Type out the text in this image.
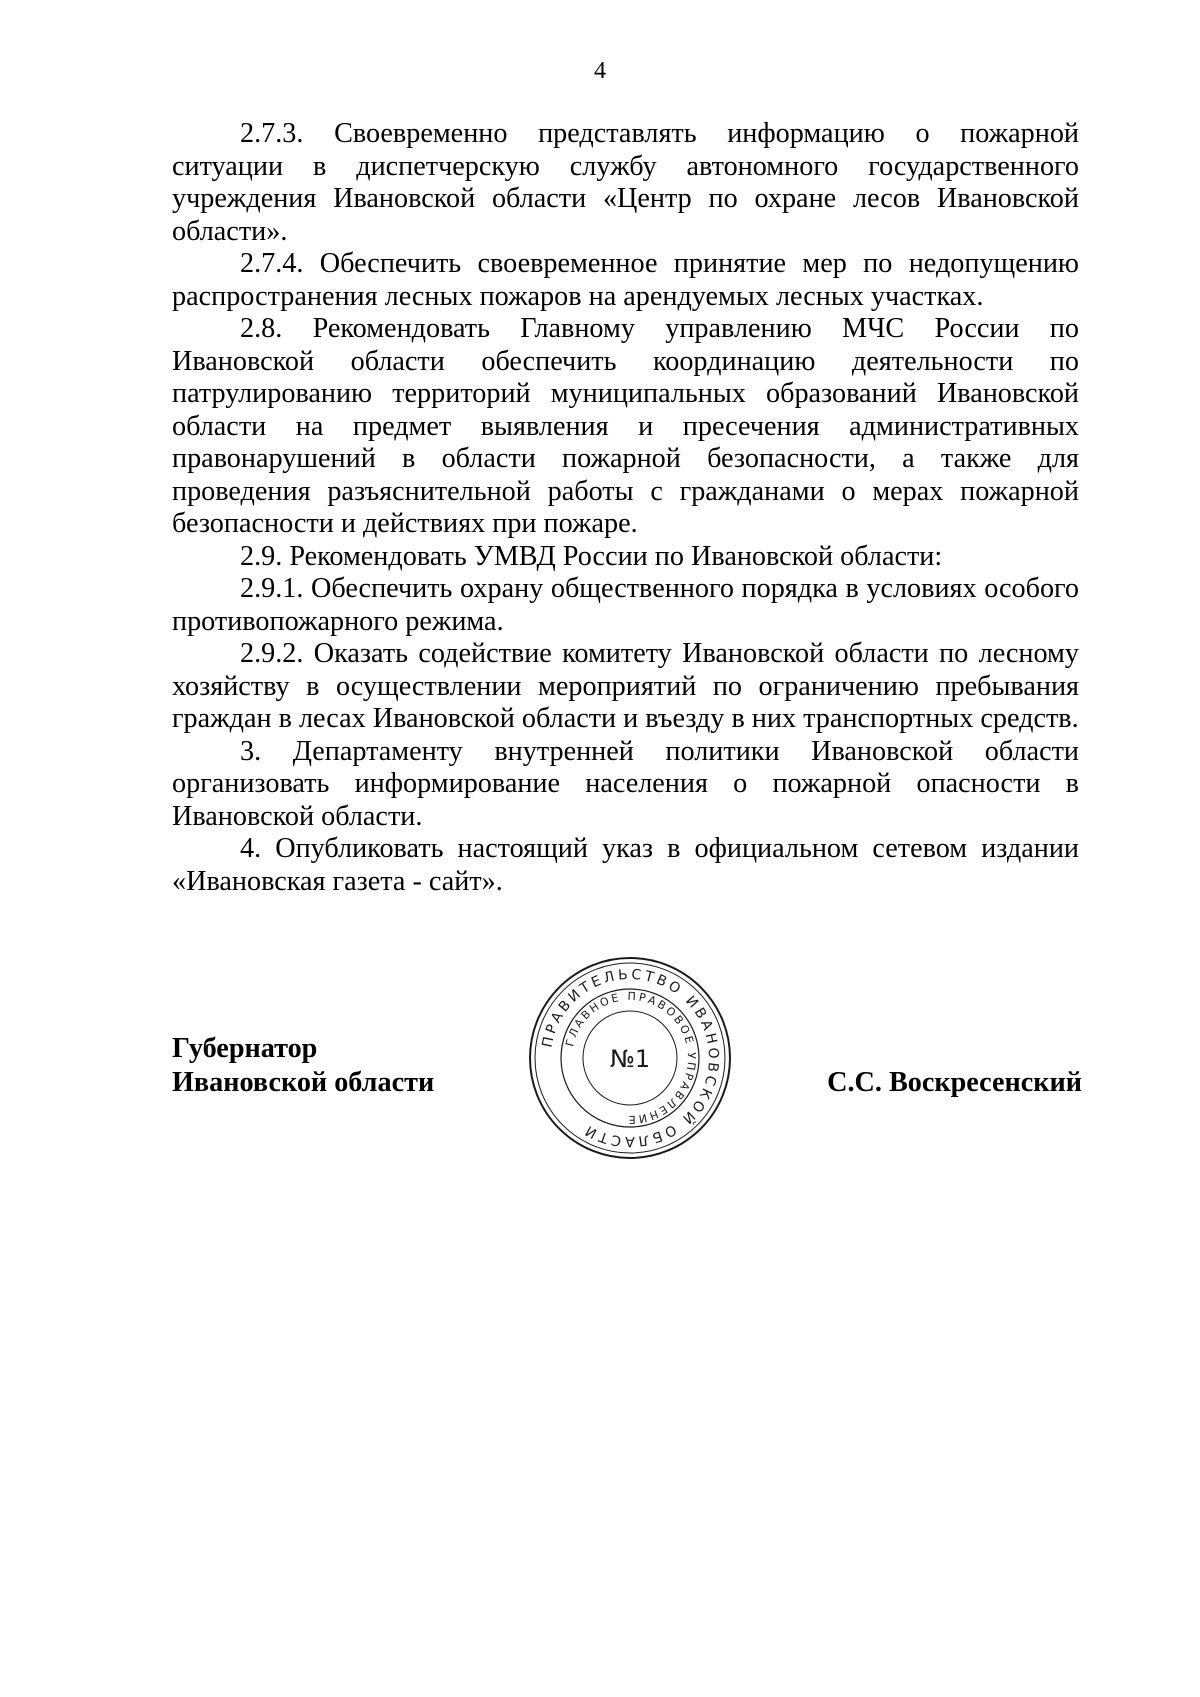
4

2.7.3. Своевременно представлять информацию о пожарной ситуации в диспетчерскую службу автономного государственного учреждения Ивановской области «Центр по охране лесов Ивановской области».

2.7.4. Обеспечить своевременное принятие мер по недопущению распространения лесных пожаров на арендуемых лесных участках.

2.8. Рекомендовать Главному управлению МЧС России по Ивановской области обеспечить координацию деятельности по патрулированию территорий муниципальных образований Ивановской области на предмет выявления и пресечения административных правонарушений в области пожарной безопасности, а также для проведения разъяснительной работы с гражданами о мерах пожарной безопасности и действиях при пожаре.

2.9. Рекомендовать УМВД России по Ивановской области:

2.9.1. Обеспечить охрану общественного порядка в условиях особого противопожарного режима.

2.9.2. Оказать содействие комитету Ивановской области по лесному хозяйству в осуществлении мероприятий по ограничению пребывания граждан в лесах Ивановской области и въезду в них транспортных средств.

3. Департаменту внутренней политики Ивановской области организовать информирование населения о пожарной опасности в Ивановской области.

4. Опубликовать настоящий указ в официальном сетевом издании «Ивановская газета - сайт».

Губернатор
Ивановской области
ПРАВИТЕЛЬСТВО ИВАНОВСКОЙ ОБЛАСТИ
ГЛАВНОЕ ПРАВОВОЕ УПРАВЛЕНИЕ
№1
С.С. Воскресенский
